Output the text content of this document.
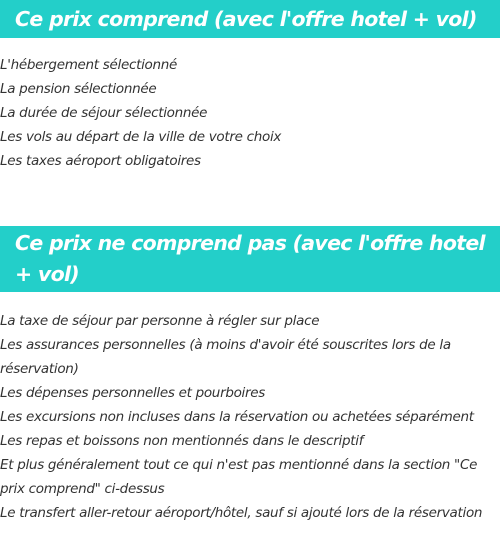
Ce prix comprend (avec l'offre hotel + vol)
L'hébergement sélectionné
La pension sélectionnée
La durée de séjour sélectionnée
Les vols au départ de la ville de votre choix
Les taxes aéroport obligatoires
Ce prix ne comprend pas (avec l'offre hotel + vol)
La taxe de séjour par personne à régler sur place
Les assurances personnelles (à moins d'avoir été souscrites lors de la réservation)
Les dépenses personnelles et pourboires
Les excursions non incluses dans la réservation ou achetées séparément
Les repas et boissons non mentionnés dans le descriptif
Et plus généralement tout ce qui n'est pas mentionné dans la section "Ce prix comprend" ci-dessus
Le transfert aller-retour aéroport/hôtel, sauf si ajouté lors de la réservation
